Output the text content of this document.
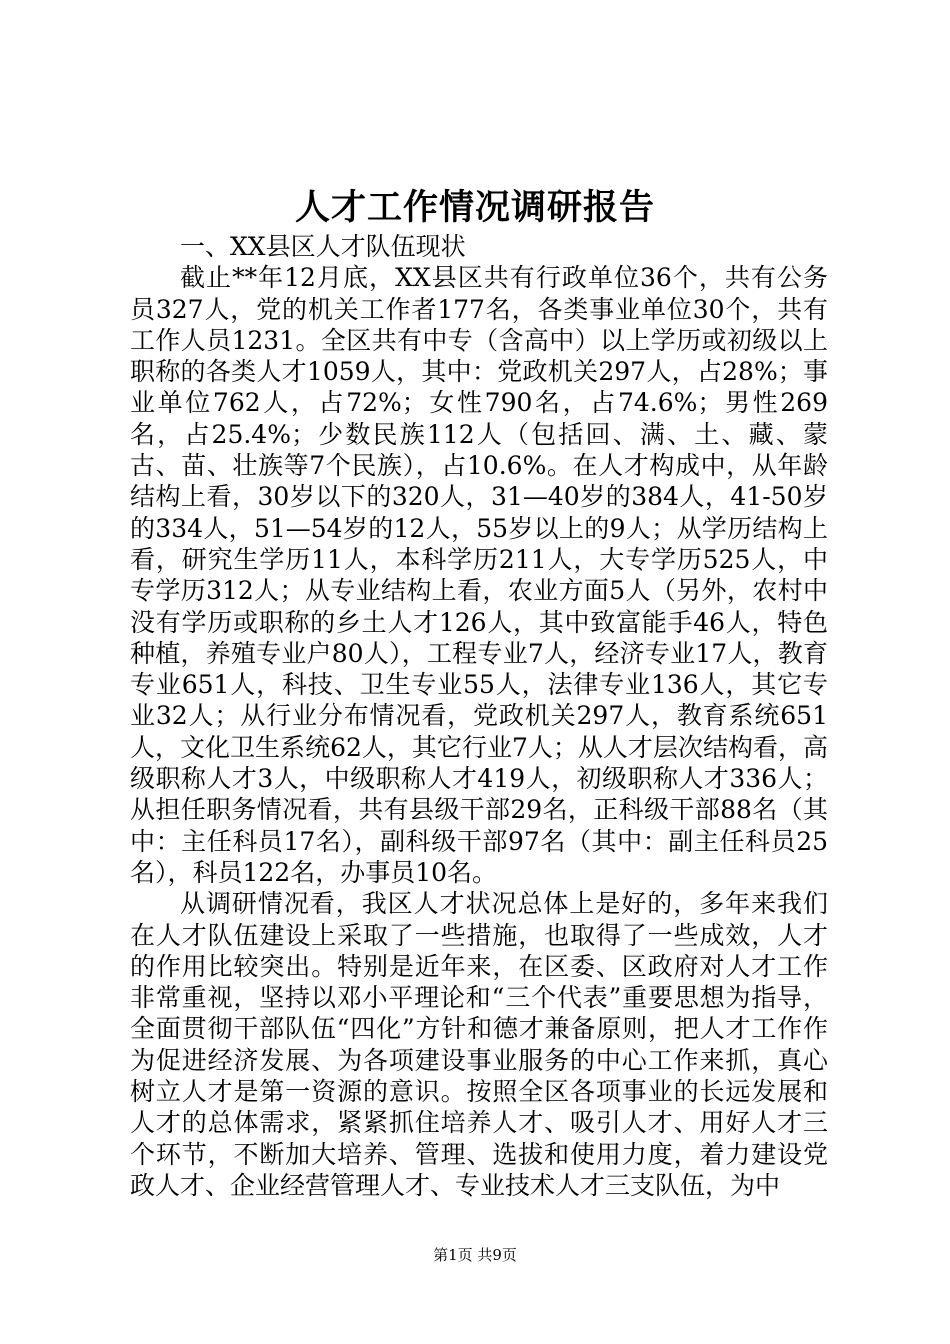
人才工作情况调研报告

一、XX县区人才队伍现状

截止**年12月底，XX县区共有行政单位36个，共有公务员327人，党的机关工作者177名，各类事业单位30个，共有工作人员1231。全区共有中专（含高中）以上学历或初级以上职称的各类人才1059人，其中：党政机关297人，占28%；事业单位762人，占72%；女性790名，占74.6%；男性269名，占25.4%；少数民族112人（包括回、满、土、藏、蒙古、苗、壮族等7个民族），占10.6%。在人才构成中，从年龄结构上看，30岁以下的320人，31—40岁的384人，41-50岁的334人，51—54岁的12人，55岁以上的9人；从学历结构上看，研究生学历11人，本科学历211人，大专学历525人，中专学历312人；从专业结构上看，农业方面5人（另外，农村中没有学历或职称的乡土人才126人，其中致富能手46人，特色种植，养殖专业户80人），工程专业7人，经济专业17人，教育专业651人，科技、卫生专业55人，法律专业136人，其它专业32人；从行业分布情况看，党政机关297人，教育系统651人，文化卫生系统62人，其它行业7人；从人才层次结构看，高级职称人才3人，中级职称人才419人，初级职称人才336人；从担任职务情况看，共有县级干部29名，正科级干部88名（其中：主任科员17名），副科级干部97名（其中：副主任科员25名），科员122名，办事员10名。

从调研情况看，我区人才状况总体上是好的，多年来我们在人才队伍建设上采取了一些措施，也取得了一些成效，人才的作用比较突出。特别是近年来，在区委、区政府对人才工作非常重视，坚持以邓小平理论和“三个代表”重要思想为指导，全面贯彻干部队伍“四化”方针和德才兼备原则，把人才工作作为促进经济发展、为各项建设事业服务的中心工作来抓，真心树立人才是第一资源的意识。按照全区各项事业的长远发展和人才的总体需求，紧紧抓住培养人才、吸引人才、用好人才三个环节，不断加大培养、管理、选拔和使用力度，着力建设党政人才、企业经营管理人才、专业技术人才三支队伍，为中

第1页 共9页
